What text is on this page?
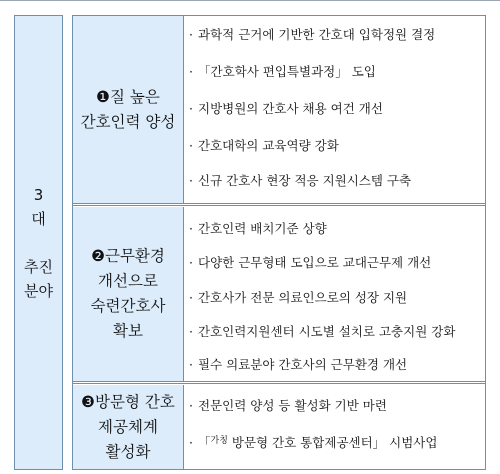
3
대
추진
분야
❶질 높은
간호인력 양성
· 과학적 근거에 기반한 간호대 입학정원 결정
· 「간호학사 편입특별과정」 도입
· 지방병원의 간호사 채용 여건 개선
· 간호대학의 교육역량 강화
· 신규 간호사 현장 적응 지원시스템 구축
❷근무환경
개선으로
숙련간호사
확보
· 간호인력 배치기준 상향
· 다양한 근무형태 도입으로 교대근무제 개선
· 간호사가 전문 의료인으로의 성장 지원
· 간호인력지원센터 시도별 설치로 고충지원 강화
· 필수 의료분야 간호사의 근무환경 개선
❸방문형 간호
제공체계
활성화
· 전문인력 양성 등 활성화 기반 마련
· 「$^{가칭}$ 방문형 간호 통합제공센터」 시범사업
